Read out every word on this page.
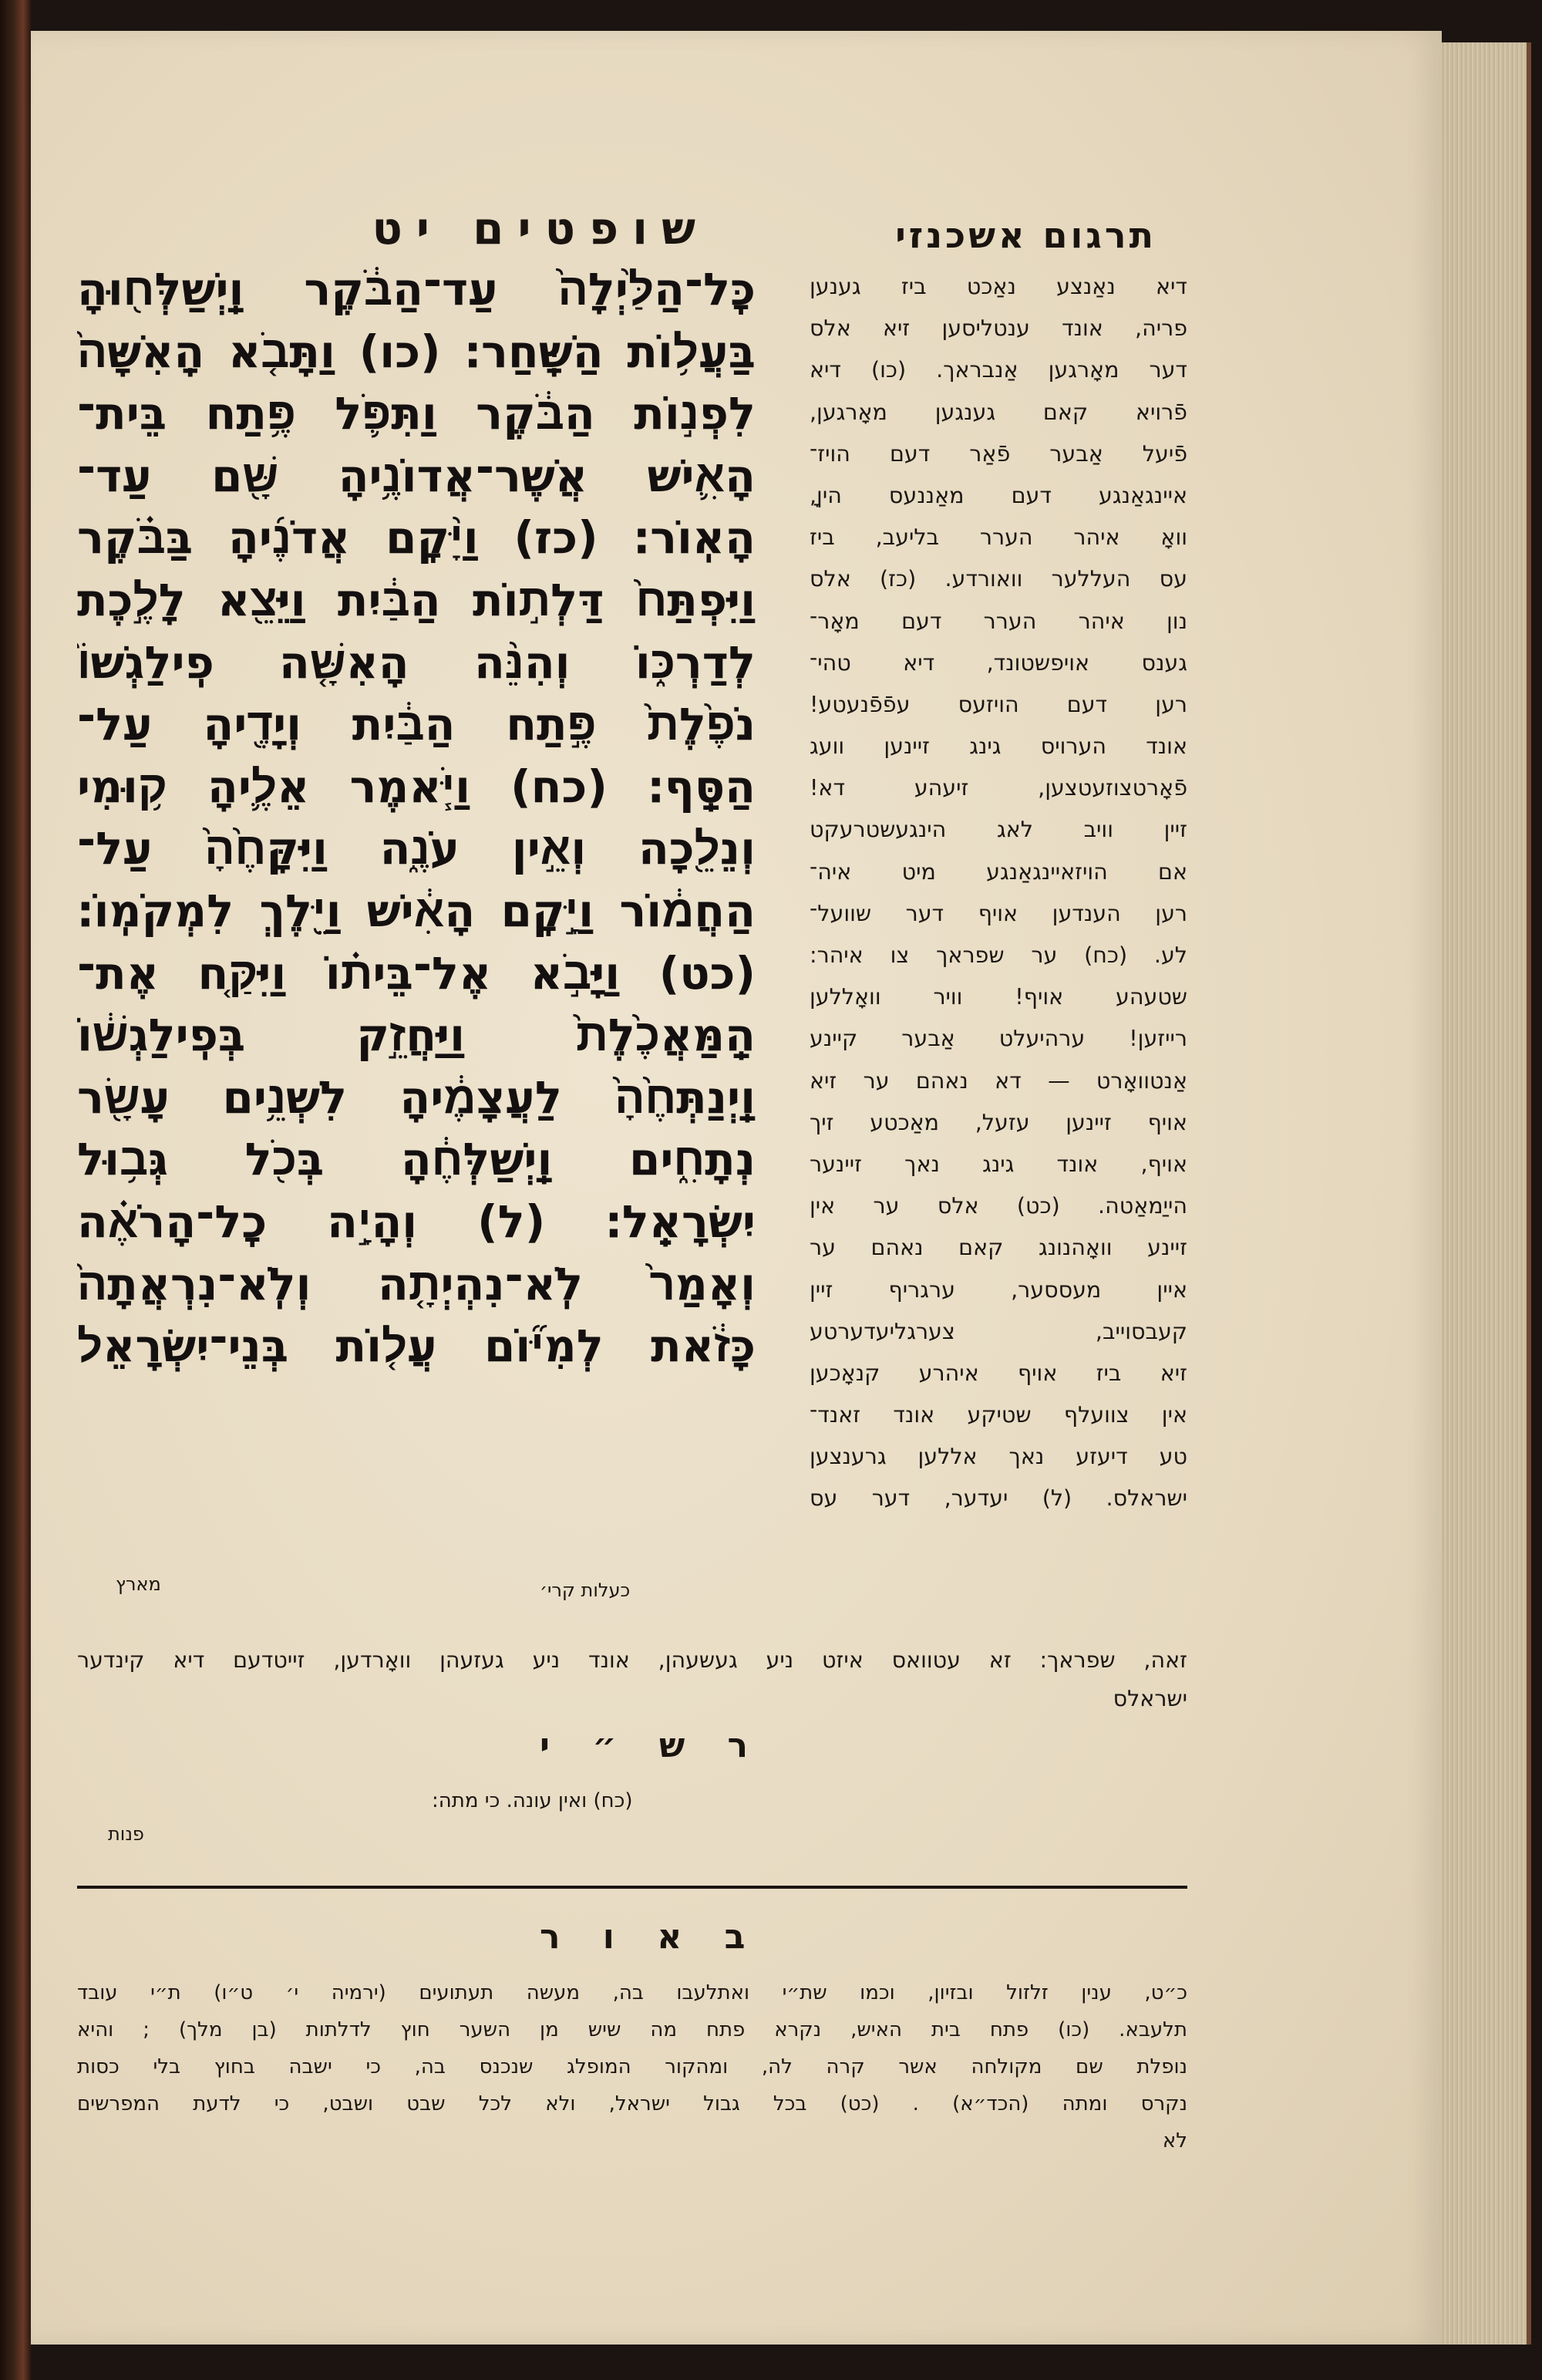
שופטים יט	תרגום אשכנזי
כׇּל־הַלַּ֙יְלָה֙ עַד־הַבֹּ֔קֶר וַֽיְשַׁלְּח֖וּהָ
בַּעֲל֥וֹת הַשָּֽׁחַר׃ (כו) וַתָּבֹ֤א הָֽאִשָּׁה֙
לִפְנ֣וֹת הַבֹּ֔קֶר וַתִּפֹּ֛ל פֶּ֥תַח בֵּית־
הָאִ֛ישׁ אֲשֶׁר־אֲדוֹנֶ֥יהָ שָּׁ֖ם עַד־
הָאֽוֹר׃ (כז) וַיָּ֨קׇם אֲדֹנֶ֜יהָ בַּבֹּ֗קֶר
וַיִּפְתַּח֙ דַּלְת֣וֹת הַבַּ֔יִת וַיֵּצֵ֖א לָלֶ֣כֶת
לְדַרְכּ֑וֹ וְהִנֵּ֨ה הָאִשָּׁ֤ה פִֽילַגְשׁוֹ֙
נֹפֶ֙לֶת֙ פֶּ֣תַח הַבַּ֔יִת וְיָדֶ֖יהָ עַל־
הַסַּֽף׃ (כח) וַיֹּ֧אמֶר אֵלֶ֛יהָ ק֥וּמִי
וְנֵלֵ֖כָה וְאֵ֣ין עֹנֶ֑ה וַיִּקָּחֶ֙הָ֙ עַל־
הַחֲמ֔וֹר וַיָּ֣קׇם הָאִ֔ישׁ וַיֵּ֖לֶךְ לִמְקֹמֽוֹ׃
(כט) וַיָּבֹ֣א אֶל־בֵּית֗וֹ וַיִּקַּ֤ח אֶת־
הַֽמַּאֲכֶ֙לֶת֙ וַיַּחֲזֵ֣ק בְּפִֽילַגְשׁ֔וֹ
וַֽיְנַתְּחֶ֙הָ֙ לַעֲצָמֶ֔יהָ לִשְׁנֵ֥ים עָשָׂ֖ר
נְתָחִ֑ים וַֽיְשַׁלְּחֶ֔הָ בְּכֹ֖ל גְּב֥וּל
יִשְׂרָאֵֽל׃ (ל) וְהָיָ֣ה כׇל־הָרֹאֶ֗ה
וְאָמַר֙ לֹֽא־נִהְיְתָ֤ה וְלֹֽא־נִרְאֲתָה֙
כָּזֹ֔את לְמִיּ֞וֹם עֲל֤וֹת בְּנֵי־יִשְׂרָאֵל֙
דיא נאַנצע נאַכט ביז גענען
פריה, אונד ענטליסען זיא אלס
דער מאָרגען אַנבראך. (כו) דיא
פֿרויא קאם גענגען מאָרגען,
פֿיעל אַבער פֿאַר דעם הויז־
איינגאַנגע דעם מאַננעס היןָ,
וואָ איהר הערר בליעב, ביז
עס העללער וואורדע. (כז) אלס
נון איהר הערר דעם מאָר־
גענס אויפשטונד, דיא טהי־
רען דעם הויזעס עפֿפֿנעטע!
אונד הערויס גינג זיינען וועג
פֿאָרטצוזעטצען, זיעהע דא!
זיין וויב לאג הינגעשטרעקט
אם הויזאיינגאַנגע מיט איה־
רען הענדען אויף דער שוועל־
לע. (כח) ער שפראך צו איהר:
שטעהע אויף! וויר וואָללען
רייזען! ערהיעלט אַבער קיינע
אַנטוואָרט — דא נאהם ער זיא
אויף זיינען עזעל, מאַכטע זיך
אויף, אונד גינג נאך זיינער
הייַמאַטה. (כט) אלס ער אין
זיינע וואָהנונג קאם נאהם ער
איין מעססער, ערגריף זיין
קעבסוייב, צערגליעדערטע
זיא ביז אויף איהרע קנאָכען
אין צוועלף שטיקע אונד זאנד־
טע דיעזע נאך אללען גרענצען
ישראלס. (ל) יעדער, דער עס
זאה, שפראך: זא עטוואס איזט ניע געשעהן, אונד ניע געזעהן וואָרדען, זייטדעם דיא קינדער
ישראלס
מארץ	כעלות קרי׳
ר ש ״ י
(כח) ואין עונה. כי מתה:
פנות
ב א ו ר
כ״ט, ענין זלזול ובזיון, וכמו שת״י ואתלעבו בה, מעשה תעתועים (ירמיה י׳ ט״ו) ת״י עובד
תלעבא. (כו) פתח בית האיש, נקרא פתח מה שיש מן השער חוץ לדלתות (בן מלך) ; והיא
נופלת שם מקולחה אשר קרה לה, ומהקור המופלג שנכנס בה, כי ישבה בחוץ בלי כסות
נקרס ומתה (הכד״א) . (כט) בכל גבול ישראל, ולא לכל שבט ושבט, כי לדעת המפרשים
לא
